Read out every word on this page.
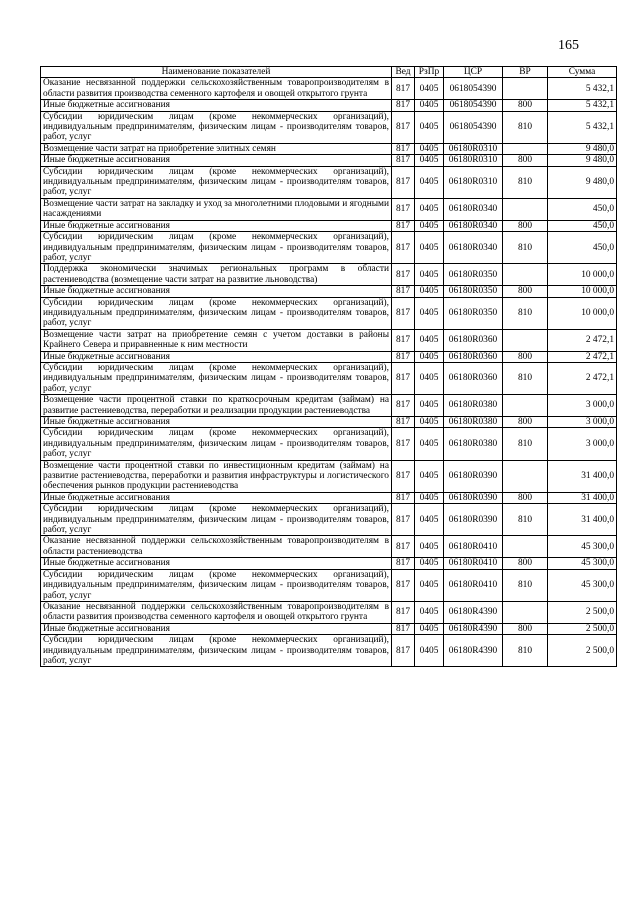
165
Наименование показателей	Вед	РзПр	ЦСР	ВР	Сумма
Оказание несвязанной поддержки сельскохозяйственным товаропроизводителям в области развития производства семенного картофеля и овощей открытого грунта	817	0405	0618054390		5 432,1
Иные бюджетные ассигнования	817	0405	0618054390	800	5 432,1
Субсидии юридическим лицам (кроме некоммерческих организаций), индивидуальным предпринимателям, физическим лицам - производителям товаров, работ, услуг	817	0405	0618054390	810	5 432,1
Возмещение части затрат на приобретение элитных семян	817	0405	06180R0310		9 480,0
Иные бюджетные ассигнования	817	0405	06180R0310	800	9 480,0
Субсидии юридическим лицам (кроме некоммерческих организаций), индивидуальным предпринимателям, физическим лицам - производителям товаров, работ, услуг	817	0405	06180R0310	810	9 480,0
Возмещение части затрат на закладку и уход за многолетними плодовыми и ягодными насаждениями	817	0405	06180R0340		450,0
Иные бюджетные ассигнования	817	0405	06180R0340	800	450,0
Субсидии юридическим лицам (кроме некоммерческих организаций), индивидуальным предпринимателям, физическим лицам - производителям товаров, работ, услуг	817	0405	06180R0340	810	450,0
Поддержка экономически значимых региональных программ в области растениеводства (возмещение части затрат на развитие льноводства)	817	0405	06180R0350		10 000,0
Иные бюджетные ассигнования	817	0405	06180R0350	800	10 000,0
Субсидии юридическим лицам (кроме некоммерческих организаций), индивидуальным предпринимателям, физическим лицам - производителям товаров, работ, услуг	817	0405	06180R0350	810	10 000,0
Возмещение части затрат на приобретение семян с учетом доставки в районы Крайнего Севера и приравненные к ним местности	817	0405	06180R0360		2 472,1
Иные бюджетные ассигнования	817	0405	06180R0360	800	2 472,1
Субсидии юридическим лицам (кроме некоммерческих организаций), индивидуальным предпринимателям, физическим лицам - производителям товаров, работ, услуг	817	0405	06180R0360	810	2 472,1
Возмещение части процентной ставки по краткосрочным кредитам (займам) на развитие растениеводства, переработки и реализации продукции растениеводства	817	0405	06180R0380		3 000,0
Иные бюджетные ассигнования	817	0405	06180R0380	800	3 000,0
Субсидии юридическим лицам (кроме некоммерческих организаций), индивидуальным предпринимателям, физическим лицам - производителям товаров, работ, услуг	817	0405	06180R0380	810	3 000,0
Возмещение части процентной ставки по инвестиционным кредитам (займам) на развитие растениеводства, переработки и развития инфраструктуры и логистического обеспечения рынков продукции растениеводства	817	0405	06180R0390		31 400,0
Иные бюджетные ассигнования	817	0405	06180R0390	800	31 400,0
Субсидии юридическим лицам (кроме некоммерческих организаций), индивидуальным предпринимателям, физическим лицам - производителям товаров, работ, услуг	817	0405	06180R0390	810	31 400,0
Оказание несвязанной поддержки сельскохозяйственным товаропроизводителям в области растениеводства	817	0405	06180R0410		45 300,0
Иные бюджетные ассигнования	817	0405	06180R0410	800	45 300,0
Субсидии юридическим лицам (кроме некоммерческих организаций), индивидуальным предпринимателям, физическим лицам - производителям товаров, работ, услуг	817	0405	06180R0410	810	45 300,0
Оказание несвязанной поддержки сельскохозяйственным товаропроизводителям в области развития производства семенного картофеля и овощей открытого грунта	817	0405	06180R4390		2 500,0
Иные бюджетные ассигнования	817	0405	06180R4390	800	2 500,0
Субсидии юридическим лицам (кроме некоммерческих организаций), индивидуальным предпринимателям, физическим лицам - производителям товаров, работ, услуг	817	0405	06180R4390	810	2 500,0
